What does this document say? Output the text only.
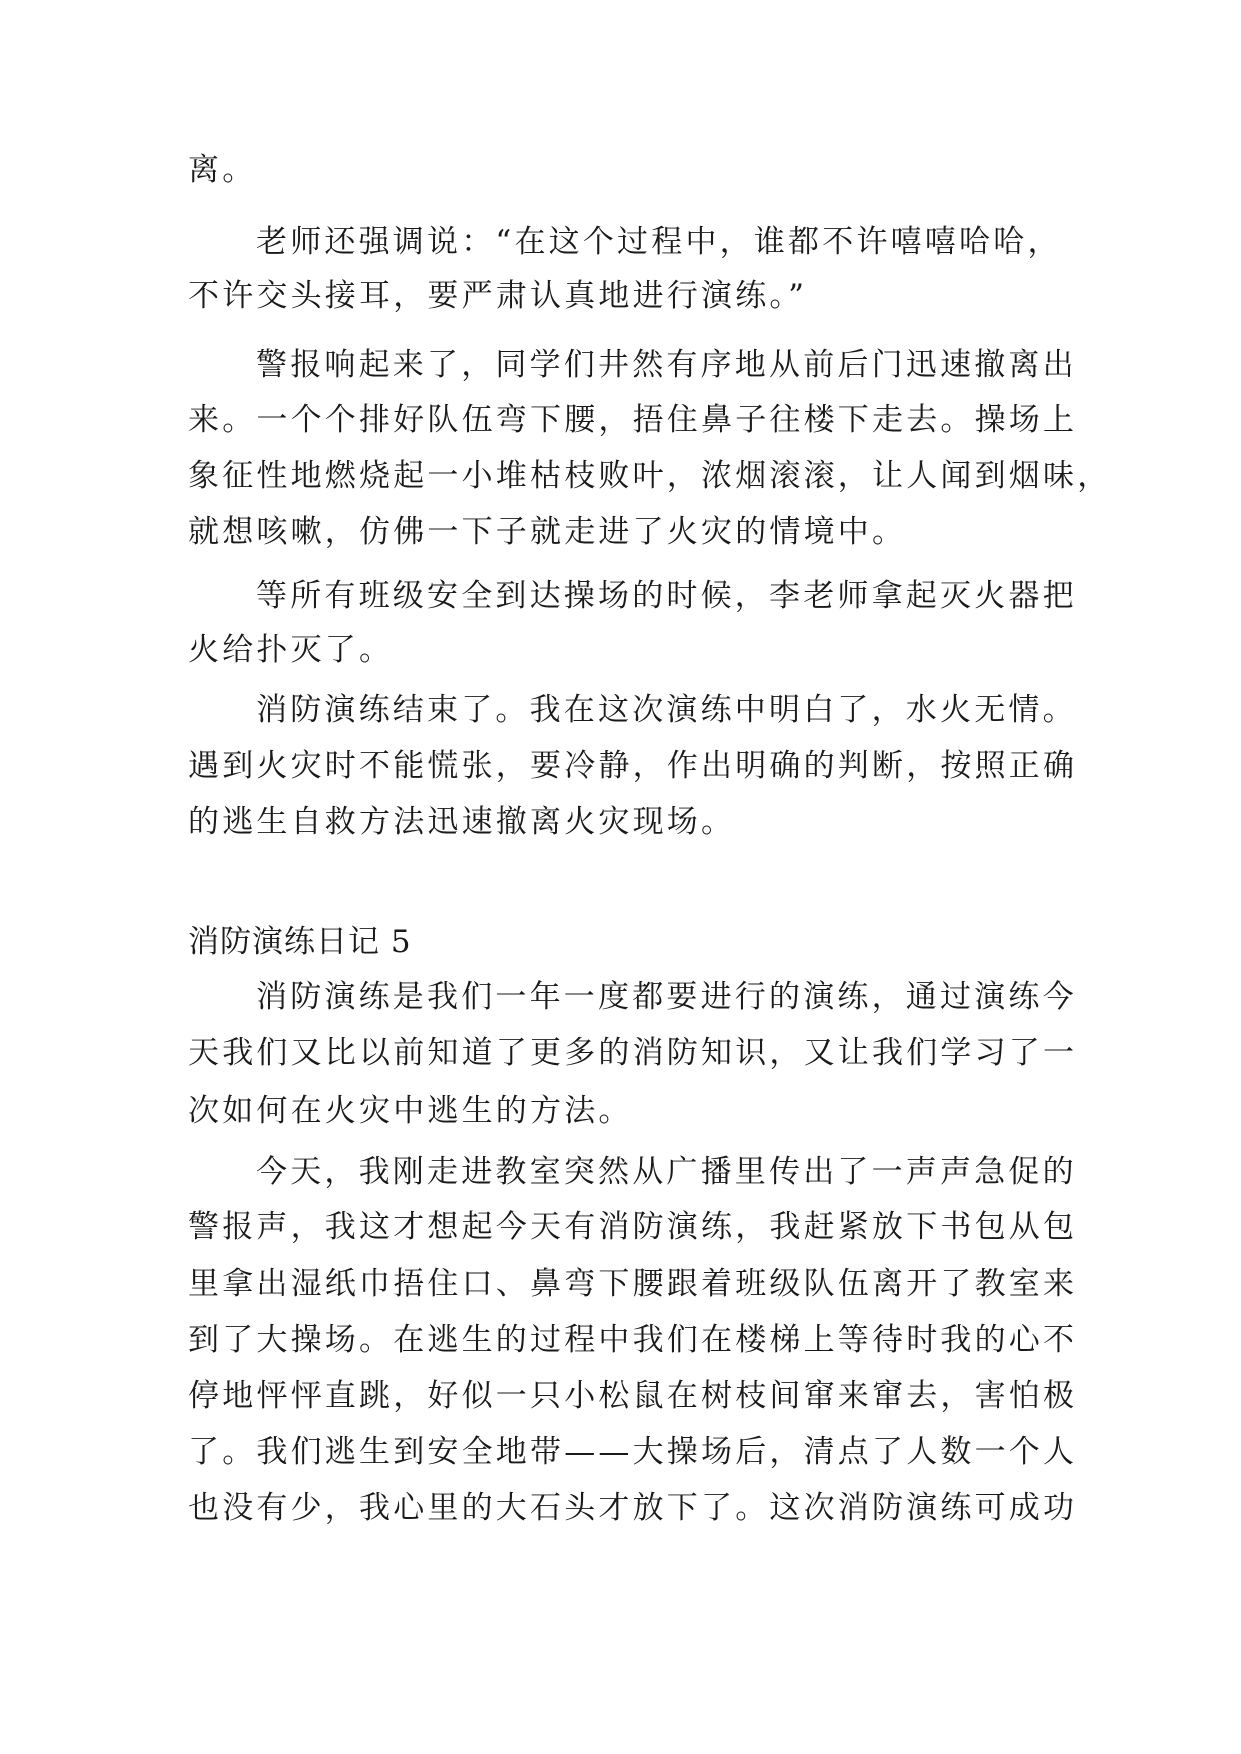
离。
老师还强调说：“在这个过程中，谁都不许嘻嘻哈哈，
不许交头接耳，要严肃认真地进行演练。”
警报响起来了，同学们井然有序地从前后门迅速撤离出
来。一个个排好队伍弯下腰，捂住鼻子往楼下走去。操场上
象征性地燃烧起一小堆枯枝败叶，浓烟滚滚，让人闻到烟味，
就想咳嗽，仿佛一下子就走进了火灾的情境中。
等所有班级安全到达操场的时候，李老师拿起灭火器把
火给扑灭了。
消防演练结束了。我在这次演练中明白了，水火无情。
遇到火灾时不能慌张，要冷静，作出明确的判断，按照正确
的逃生自救方法迅速撤离火灾现场。
消防演练日记 5
消防演练是我们一年一度都要进行的演练，通过演练今
天我们又比以前知道了更多的消防知识，又让我们学习了一
次如何在火灾中逃生的方法。
今天，我刚走进教室突然从广播里传出了一声声急促的
警报声，我这才想起今天有消防演练，我赶紧放下书包从包
里拿出湿纸巾捂住口、鼻弯下腰跟着班级队伍离开了教室来
到了大操场。在逃生的过程中我们在楼梯上等待时我的心不
停地怦怦直跳，好似一只小松鼠在树枝间窜来窜去，害怕极
了。我们逃生到安全地带——大操场后，清点了人数一个人
也没有少，我心里的大石头才放下了。这次消防演练可成功
